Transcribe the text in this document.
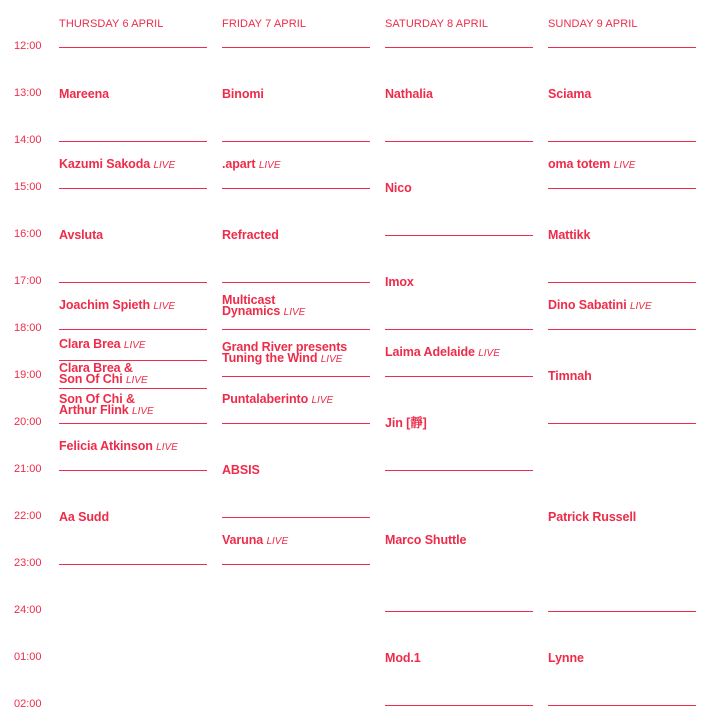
12:00
13:00
14:00
15:00
16:00
17:00
18:00
19:00
20:00
21:00
22:00
23:00
24:00
01:00
02:00
THURSDAY 6 APRIL
Mareena
Kazumi Sakoda LIVE
Avsluta
Joachim Spieth LIVE
Clara Brea LIVE
Clara Brea &
Son Of Chi LIVE
Son Of Chi &
Arthur Flink LIVE
Felicia Atkinson LIVE
Aa Sudd
FRIDAY 7 APRIL
Binomi
.apart LIVE
Refracted
Multicast
Dynamics LIVE
Grand River presents
Tuning the Wind LIVE
Puntalaberinto LIVE
ABSIS
Varuna LIVE
SATURDAY 8 APRIL
Nathalia
Nico
Imox
Laima Adelaide LIVE
Jin [靜]
Marco Shuttle
Mod.1
SUNDAY 9 APRIL
Sciama
oma totem LIVE
Mattikk
Dino Sabatini LIVE
Timnah
Patrick Russell
Lynne
